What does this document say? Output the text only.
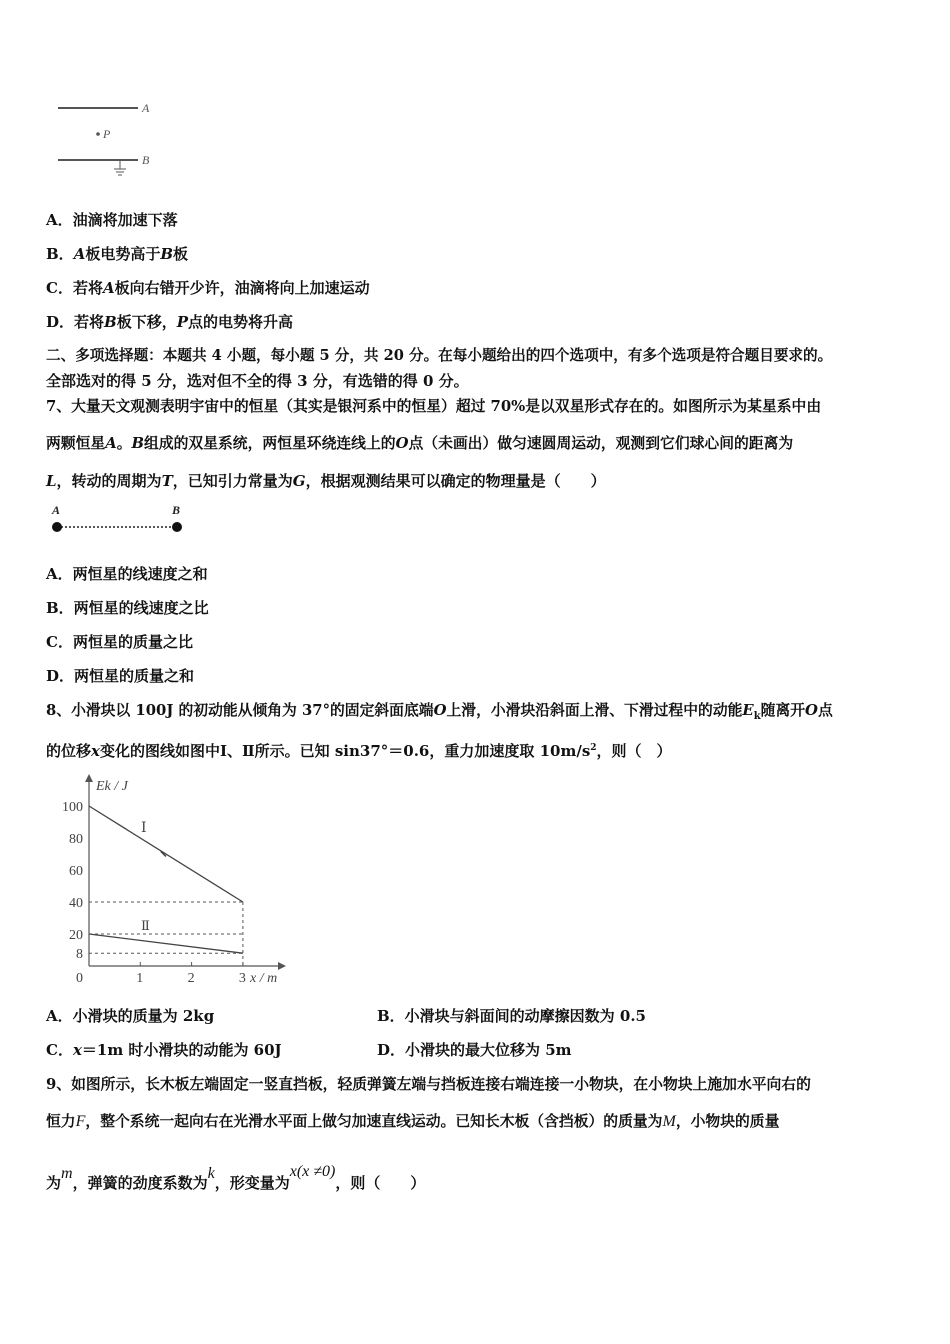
A
P
B
A．油滴将加速下落
B．A板电势高于B板
C．若将A板向右错开少许，油滴将向上加速运动
D．若将B板下移，P点的电势将升高
二、多项选择题：本题共 4 小题，每小题 5 分，共 20 分。在每小题给出的四个选项中，有多个选项是符合题目要求的。
全部选对的得 5 分，选对但不全的得 3 分，有选错的得 0 分。
7、大量天文观测表明宇宙中的恒星（其实是银河系中的恒星）超过 70%是以双星形式存在的。如图所示为某星系中由
两颗恒星A。B组成的双星系统，两恒星环绕连线上的O点（未画出）做匀速圆周运动，观测到它们球心间的距离为
L，转动的周期为T，已知引力常量为G，根据观测结果可以确定的物理量是（　　）
A	B
A．两恒星的线速度之和
B．两恒星的线速度之比
C．两恒星的质量之比
D．两恒星的质量之和
8、小滑块以 100J 的初动能从倾角为 37°的固定斜面底端O上滑，小滑块沿斜面上滑、下滑过程中的动能$E_k$随离开O点
的位移x变化的图线如图中Ⅰ、Ⅱ所示。已知 sin37°＝0.6，重力加速度取 $10m/s^2$，则（　）
Ek / J
x / m
0	1	2	3
8
20
40
60
80
100
Ⅰ
Ⅱ
A．小滑块的质量为 2kg	B．小滑块与斜面间的动摩擦因数为 0.5
C．x＝1m 时小滑块的动能为 60J	D．小滑块的最大位移为 5m
9、如图所示，长木板左端固定一竖直挡板，轻质弹簧左端与挡板连接右端连接一小物块，在小物块上施加水平向右的
恒力F，整个系统一起向右在光滑水平面上做匀加速直线运动。已知长木板（含挡板）的质量为M，小物块的质量
为m，弹簧的劲度系数为k，形变量为x(x ≠0)，则（　　）
